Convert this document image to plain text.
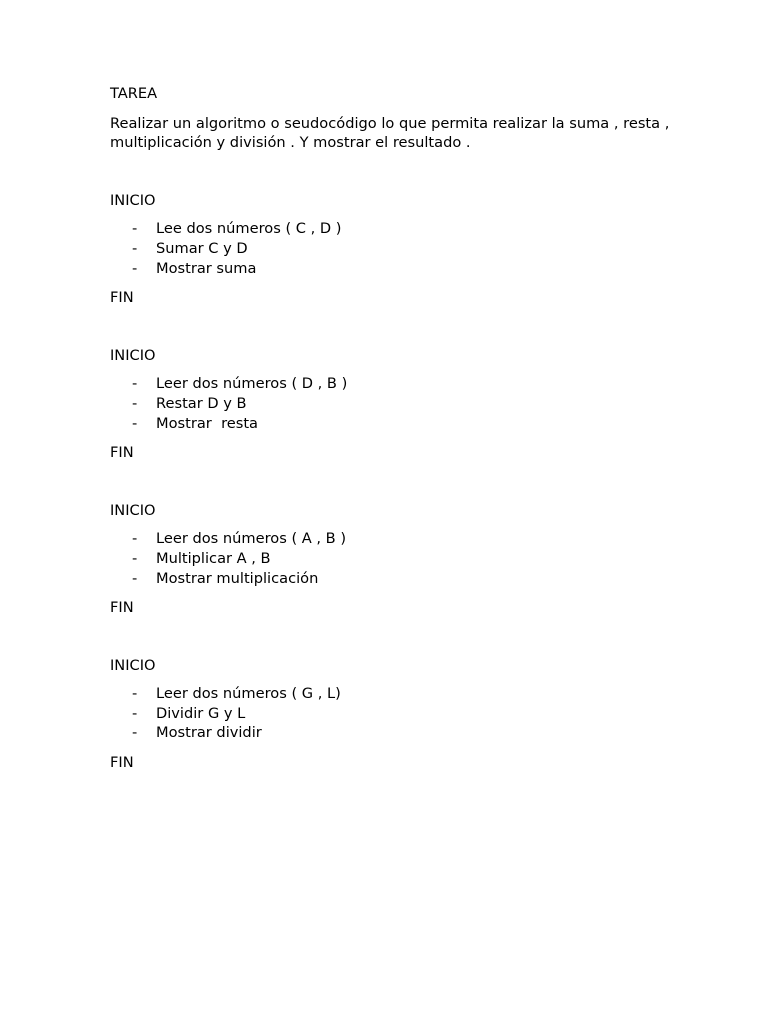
TAREA
Realizar un algoritmo o seudocódigo lo que permita realizar la suma , resta , multiplicación y división . Y mostrar el resultado .
INICIO
- Lee dos números ( C , D )
- Sumar C y D
- Mostrar suma
FIN
INICIO
- Leer dos números ( D , B )
- Restar D y B
- Mostrar  resta
FIN
INICIO
- Leer dos números ( A , B )
- Multiplicar A , B
- Mostrar multiplicación
FIN
INICIO
- Leer dos números ( G , L)
- Dividir G y L
- Mostrar dividir
FIN
